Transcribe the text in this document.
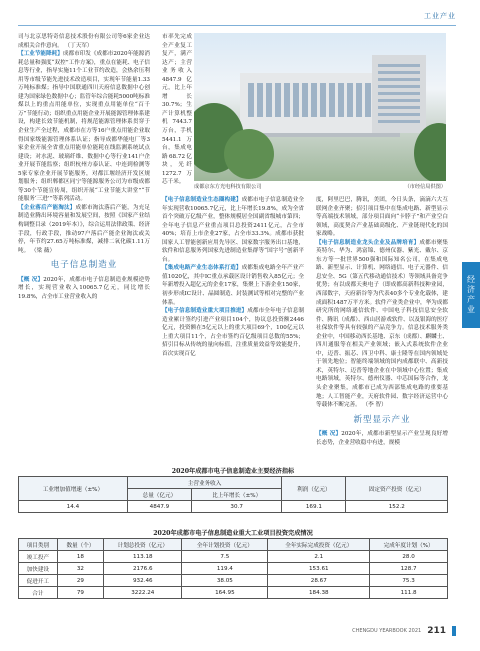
工业产业
经济产业

司与北京思特奇信息技术股份有限公司等6家企业达成相关合作意向。 （丁天军）

【工业节能降耗】成都市印发《成都市2020年能源消耗总量和强度“双控”工作方案》，重点在能耗、电子信息等行业，指导实施11个工业节约改造，会热余压利用等市级节能先进技术改造项目，实现年节能量1.33万吨标准煤；指导中国联通四川天府信息数据中心创建为国家绿色数据中心；监管年综合能耗5000吨标准煤以上的重点用能单位，实现重点用能单位“百千万”节能行动；组织重点用能企业开展能源管理体系建设，构建长效节能机制，将规范能源管理体系贯穿于企业生产全过程，成都市在方等16户重点用能企业取得国家级能源管理体系认证；指导成都华能电厂等3家企业开展全省重点用能单位能耗在线监测系统试点建设；对水泥、玻璃纤维、数据中心等行业141户企业开展节能监察；组织杭州方泰认证、中连到检测等5家专家企业开展节能服务，对都江堰经济开发区规划服务；组织郫都区同宁等能源服务公司为市级成都等30个节能宣传周，组织开展“工业节能大讲堂”“节能服务‘三进’”等系列活动。

【企业落后产能淘汰】成都市淘汰落后产能，为充足制造业腾出环境容量和发展空间，按照《国家产业结构调整目录（2019年本）》，综合运用法律政策、经济手段，行政手段，推动97户落后产能企业淘汰或关停，年节约27.65万吨标准煤，减排二氧化碳1.11万吨。 （梁 薇）

电子信息制造业

【概 况】2020年，成都市电子信息制造业规模逆势增长，实现营业收入10065.7亿元，同比增长19.8%，占全市工业营业收入的

市率先完成全产业复工复产，满产达产；主营业务收入4847.9亿元，比上年增长30.7%；生产计算机整机7443.7万台，手机5441.1万台，集成电路68.72亿块，光纤1272.7万芯千米。

成都京东方光电科技有限公司	（市经信局供图）

【电子信息制造业生态圈构建】成都市电子信息制造业全年实现营收10065.7亿元，比上年增长19.8%，成为全省首个突破万亿级产业，整体规模居全国副省级城市第四；全年电子信息产业重点项目总投资2411亿元，占全市40%；培育上市企业27家，占全市33.3%。成都市获批国家人工智能创新应用先导区、国家数字服务出口基地，软件和信息服务列国家先进制造业集群等“国字号”创新平台。

【集成电路产业生态体系打造】成都集成电路全年产业产值1020亿，其中IC重点承载区设计销售收入85亿元；全年新增投入超亿元的企业17家，集聚上下游企业150家，初步形成IC设计、晶圆制造、封装测试等相对完整的产业体系。

【电子信息制造业重大项目推进】成都市全年电子信息制造业累计签约引进产业项目104个，协议总投资额2446亿元，投资额在5亿元以上的重大项目69个，100亿元以上重大项目11个，占全市签约百亿级项目总数的55%；招引目标从传统的量向标值，注重质量效益等效能提升，首次实现百亿

度，阿里巴巴，腾讯，美团，今日头条，滴滴六大互联网企业齐聚；招引项目集中在集成电路、新型显示等高端技术领域，部分项目面向“卡脖子”和产业空白领域，高度契合产业基础高级化、产业链现代化的国家战略。

【电子信息制造业龙头企业及品牌培育】成都市聚集英特尔、华为、鸿富锦、德州仪器、紫光、戴尔、京东方等一批世界500强和国际知名公司，在集成电路、新型显示、计算机、网络通信、电子元器件、信息安全、5G（第五代移动通信技术）等领域具备竞争优势；有以成都天奥电子（即成都高新科技种业园，西部数字，天府新谷等为代表40多个专业化载体，建成面积1487万平方米。软件产业类企业中，华为成都研究所的网络通信软件、中国电子科技信息安全软件、腾讯（成都）、西山居游戏软件、以及银海的医疗社保软件等具有较强的产品竞争力。信息技术服务类企业中，中国移动西长基地、京东（成都）、麒麟士、四川通服等在相关产业领域；嵌入式系统软件企业中，迈普、振芯、四卫中科、康士隆等在国内领域处于领先地位；智能终端领域的国内成都联中、高新技术，英特尔、迈普等地企业在中领域中心位置；集成电路领域，英特尔、德州仪器、中芯国际等合作，龙头企业聚集，成都市已成为西部集成电路的重要基地；人工智能产业，天府软件园、数字经济运营中心等载体不断完善。 （李 智）

新型显示产业

【概 况】2020年，成都市新型显示产业呈现良好增长态势，企业营收稳中有进，规模

2020年成都市电子信息制造业主要经济指标
工业增加值增速（±%）	主营业务收入		利润（亿元）	固定资产投资（亿元）
	总量（亿元）	比上年增长（±%）		
14.4	4847.9	30.7	169.1	152.2
2020年成都市电子信息制造业重大工业项目投资完成情况
项目类别	数量（个）	计划总投资（亿元）	全年计划投资（亿元）	全年实际完成投资（亿元）	完成年度计划（%）
竣工投产	18	113.18	7.5	2.1	28.0
加快建设	32	2176.6	119.4	153.61	128.7
促进开工	29	932.46	38.05	28.67	75.3
合计	79	3222.24	164.95	184.38	111.8
CHENGDU YEARBOOK 2021 211
